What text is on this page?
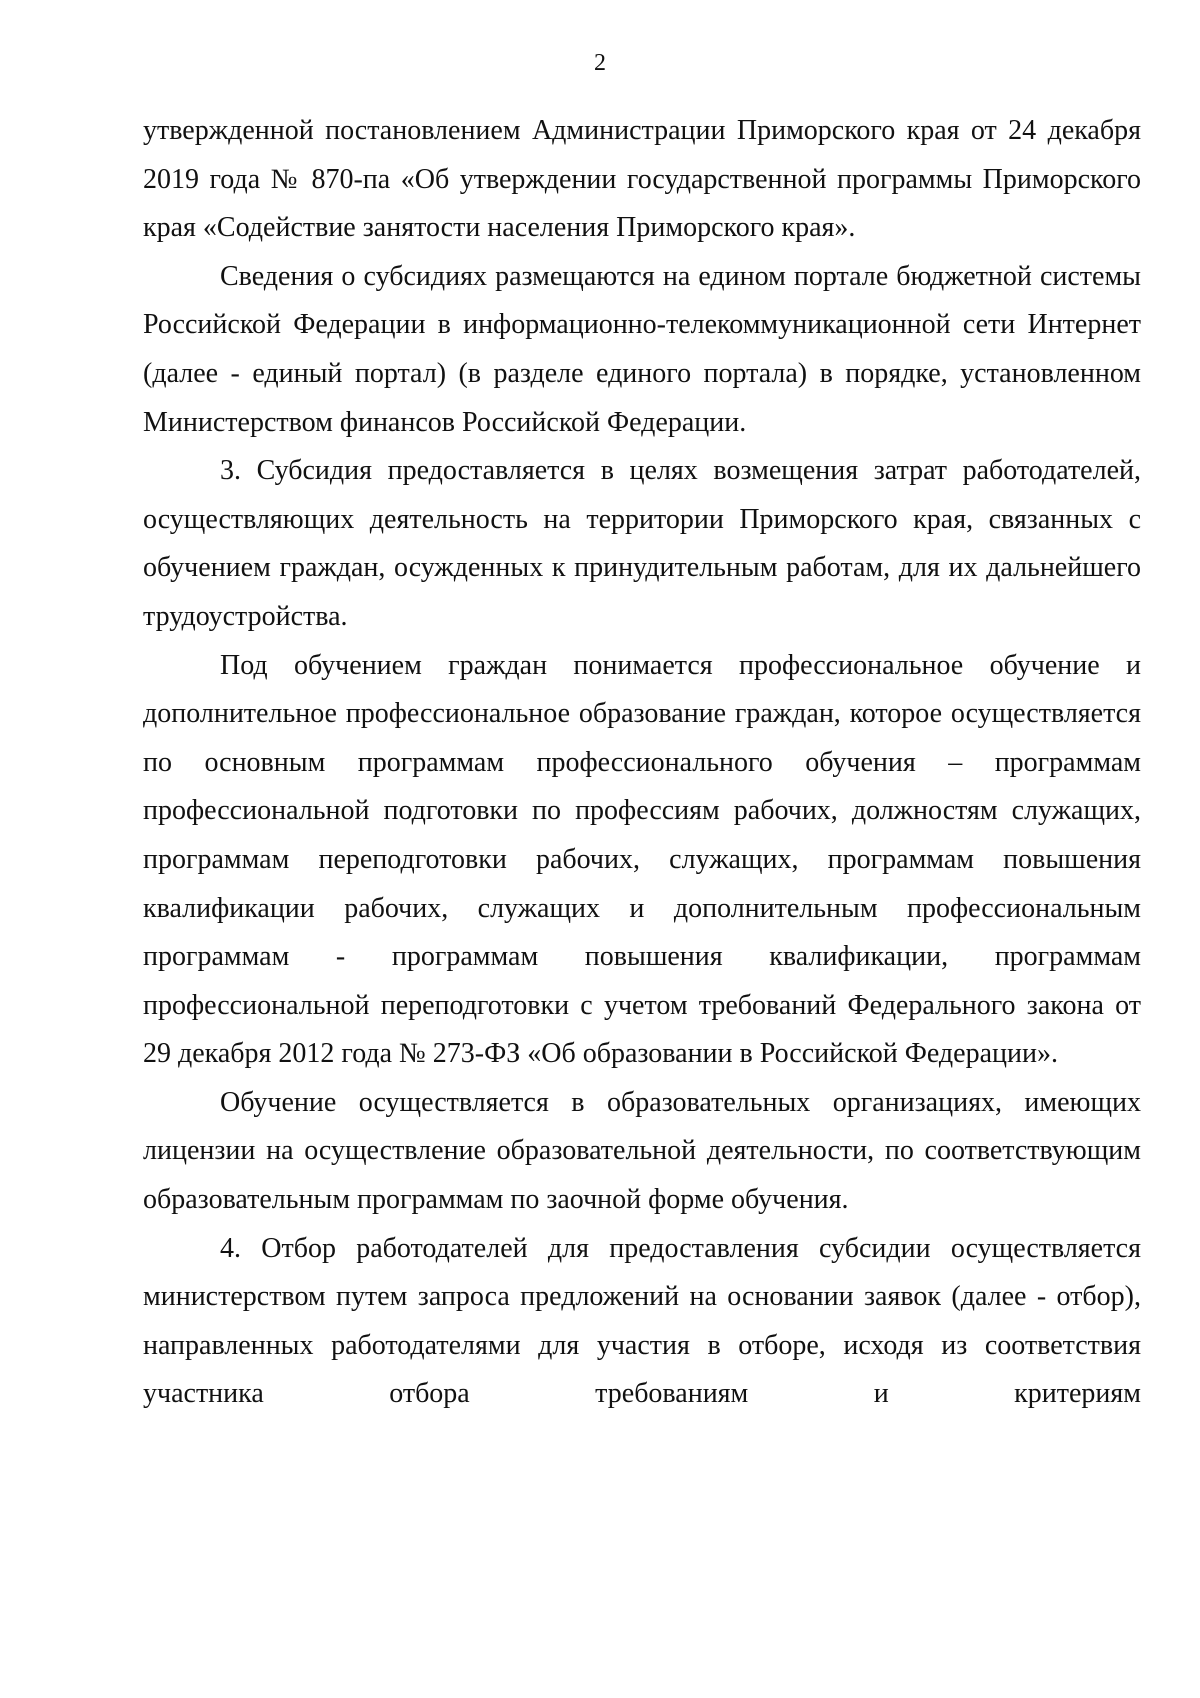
2

утвержденной постановлением Администрации Приморского края от 24 декабря 2019 года № 870-па «Об утверждении государственной программы Приморского края «Содействие занятости населения Приморского края».

Сведения о субсидиях размещаются на едином портале бюджетной системы Российской Федерации в информационно-телекоммуникационной сети Интернет (далее - единый портал) (в разделе единого портала) в порядке, установленном Министерством финансов Российской Федерации.

3. Субсидия предоставляется в целях возмещения затрат работодателей, осуществляющих деятельность на территории Приморского края, связанных с обучением граждан, осужденных к принудительным работам, для их дальнейшего трудоустройства.

Под обучением граждан понимается профессиональное обучение и дополнительное профессиональное образование граждан, которое осуществляется по основным программам профессионального обучения – программам профессиональной подготовки по профессиям рабочих, должностям служащих, программам переподготовки рабочих, служащих, программам повышения квалификации рабочих, служащих и дополнительным профессиональным программам - программам повышения квалификации, программам профессиональной переподготовки с учетом требований Федерального закона от 29 декабря 2012 года № 273-ФЗ «Об образовании в Российской Федерации».

Обучение осуществляется в образовательных организациях, имеющих лицензии на осуществление образовательной деятельности, по соответствующим образовательным программам по заочной форме обучения.

4. Отбор работодателей для предоставления субсидии осуществляется министерством путем запроса предложений на основании заявок (далее - отбор), направленных работодателями для участия в отборе, исходя из соответствия участника отбора требованиям и критериям
